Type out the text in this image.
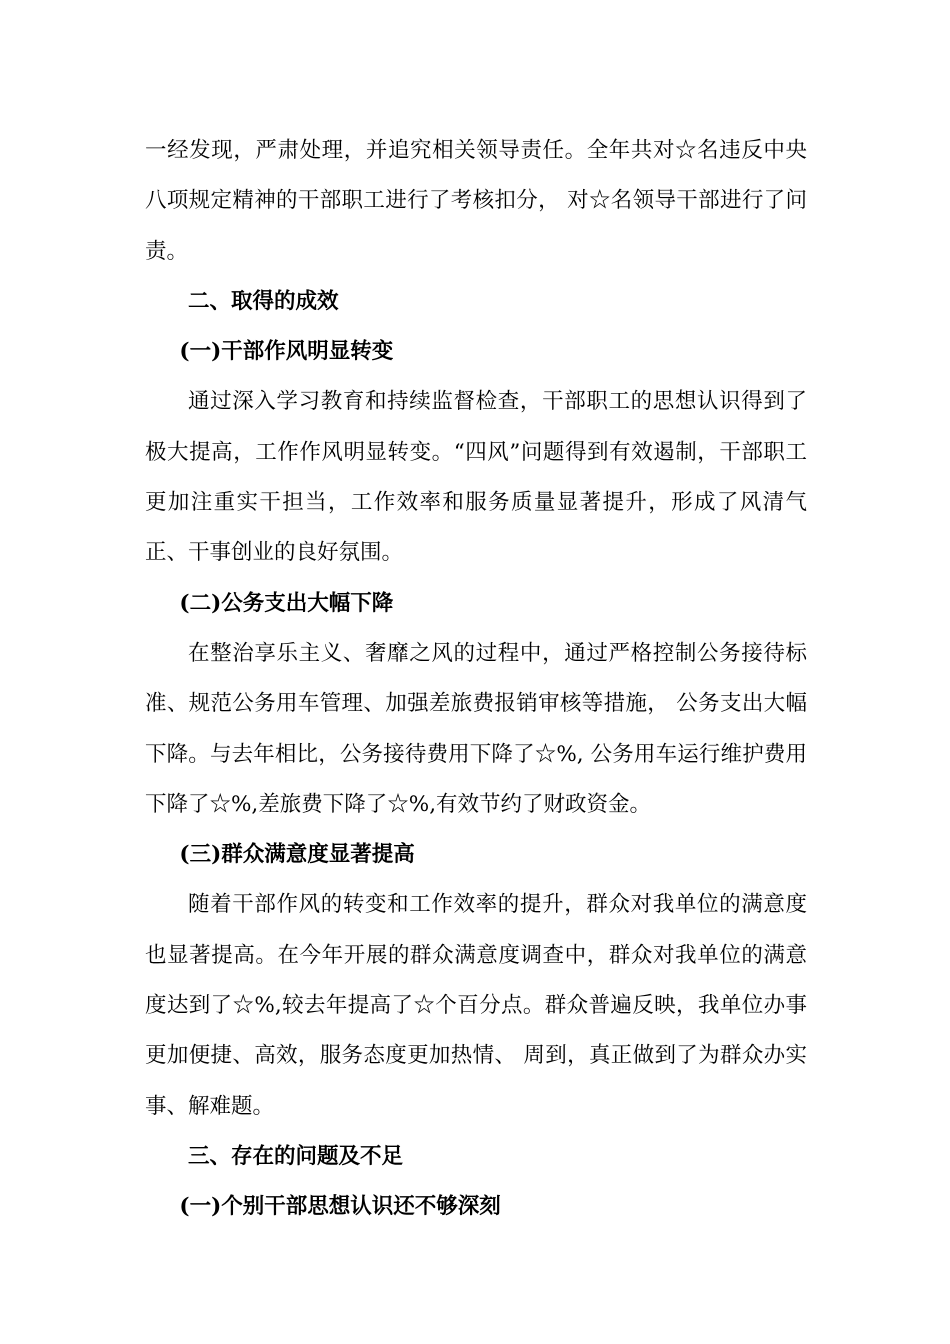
一经发现，严肃处理，并追究相关领导责任。全年共对☆名违反中央八项规定精神的干部职工进行了考核扣分， 对☆名领导干部进行了问责。

二、取得的成效

(一)干部作风明显转变

通过深入学习教育和持续监督检查，干部职工的思想认识得到了极大提高，工作作风明显转变。“四风”问题得到有效遏制，干部职工更加注重实干担当，工作效率和服务质量显著提升，形成了风清气正、干事创业的良好氛围。

(二)公务支出大幅下降

在整治享乐主义、奢靡之风的过程中，通过严格控制公务接待标准、规范公务用车管理、加强差旅费报销审核等措施， 公务支出大幅下降。与去年相比，公务接待费用下降了☆%, 公务用车运行维护费用下降了☆%,差旅费下降了☆%,有效节约了财政资金。

(三)群众满意度显著提高

随着干部作风的转变和工作效率的提升，群众对我单位的满意度也显著提高。在今年开展的群众满意度调查中，群众对我单位的满意度达到了☆%,较去年提高了☆个百分点。群众普遍反映，我单位办事更加便捷、高效，服务态度更加热情、 周到，真正做到了为群众办实事、解难题。

三、存在的问题及不足

(一)个别干部思想认识还不够深刻
